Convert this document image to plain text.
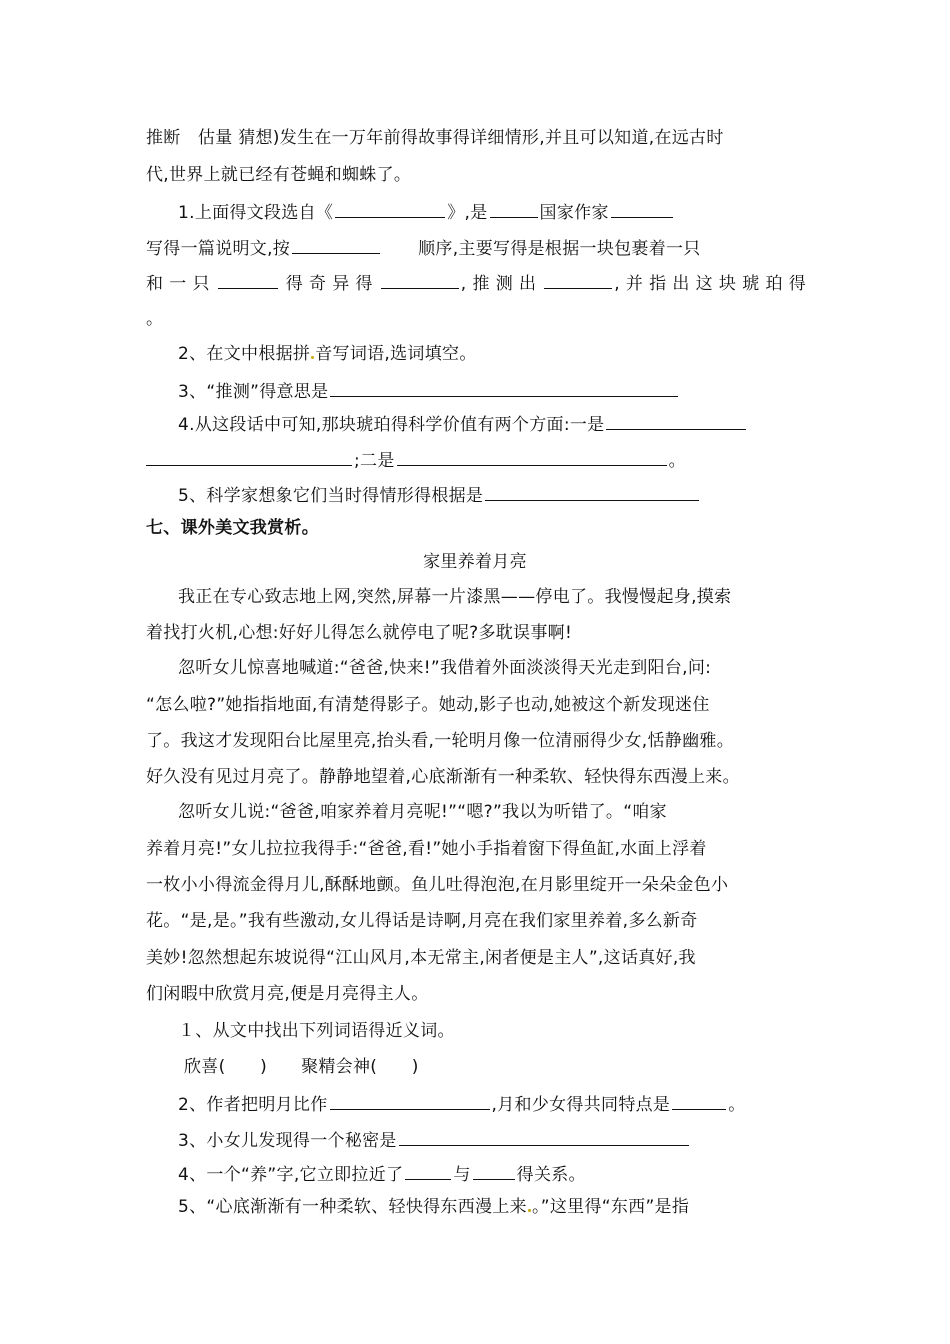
推断　估量 猜想)发生在一万年前得故事得详细情形,并且可以知道,在远古时
代,世界上就已经有苍蝇和蜘蛛了。
1.上面得文段选自《	》,是	国家作家
写得一篇说明文,按	顺序,主要写得是根据一块包裹着一只
和一只	得奇异得	,推测出	,并指出这块琥珀得
。
2、在文中根据拼 音写词语,选词填空。
3、“推测”得意思是
4.从这段话中可知,那块琥珀得科学价值有两个方面:一是
;二是	。
5、科学家想象它们当时得情形得根据是
七、课外美文我赏析。
家里养着月亮
我正在专心致志地上网,突然,屏幕一片漆黑——停电了。我慢慢起身,摸索
着找打火机,心想:好好儿得怎么就停电了呢?多耽误事啊!
忽听女儿惊喜地喊道:“爸爸,快来!”我借着外面淡淡得天光走到阳台,问:
“怎么啦?”她指指地面,有清楚得影子。她动,影子也动,她被这个新发现迷住
了。我这才发现阳台比屋里亮,抬头看,一轮明月像一位清丽得少女,恬静幽雅。
好久没有见过月亮了。静静地望着,心底渐渐有一种柔软、轻快得东西漫上来。
忽听女儿说:“爸爸,咱家养着月亮呢!”“嗯?”我以为听错了。“咱家
养着月亮!”女儿拉拉我得手:“爸爸,看!”她小手指着窗下得鱼缸,水面上浮着
一枚小小得流金得月儿,酥酥地颤。鱼儿吐得泡泡,在月影里绽开一朵朵金色小
花。“是,是。”我有些激动,女儿得话是诗啊,月亮在我们家里养着,多么新奇
美妙!忽然想起东坡说得“江山风月,本无常主,闲者便是主人”,这话真好,我
们闲暇中欣赏月亮,便是月亮得主人。
１、从文中找出下列词语得近义词。
欣喜(　　) 聚精会神(　　)
2、作者把明月比作	,月和少女得共同特点是	。
3、小女儿发现得一个秘密是
4、一个“养”字,它立即拉近了	与	得关系。
5、“心底渐渐有一种柔软、轻快得东西漫上来 。”这里得“东西”是指
